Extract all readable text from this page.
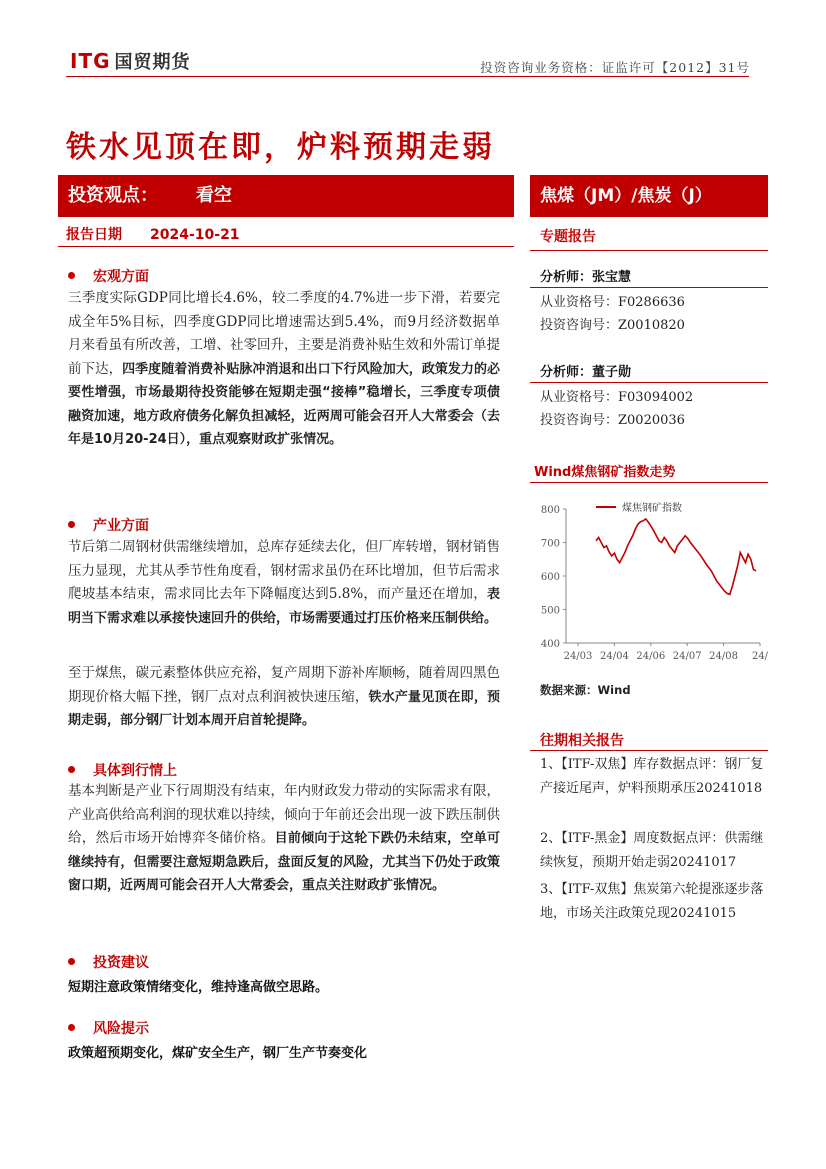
ITG 国贸期货	投资咨询业务资格：证监许可【2012】31号
铁水见顶在即，炉料预期走弱
投资观点： 看空	焦煤（JM）/焦炭（J）
报告日期 2024-10-21
宏观方面
三季度实际GDP同比增长4.6%，较二季度的4.7%进一步下滑，若要完成全年5%目标，四季度GDP同比增速需达到5.4%，而9月经济数据单月来看虽有所改善，工增、社零回升，主要是消费补贴生效和外需订单提前下达，四季度随着消费补贴脉冲消退和出口下行风险加大，政策发力的必要性增强，市场最期待投资能够在短期走强“接棒”稳增长，三季度专项债融资加速，地方政府债务化解负担减轻，近两周可能会召开人大常委会（去年是10月20-24日），重点观察财政扩张情况。
产业方面
节后第二周钢材供需继续增加，总库存延续去化，但厂库转增，钢材销售压力显现，尤其从季节性角度看，钢材需求虽仍在环比增加，但节后需求爬坡基本结束，需求同比去年下降幅度达到5.8%，而产量还在增加，表明当下需求难以承接快速回升的供给，市场需要通过打压价格来压制供给。
至于煤焦，碳元素整体供应充裕，复产周期下游补库顺畅，随着周四黑色期现价格大幅下挫，钢厂点对点利润被快速压缩，铁水产量见顶在即，预期走弱，部分钢厂计划本周开启首轮提降。
具体到行情上
基本判断是产业下行周期没有结束，年内财政发力带动的实际需求有限，产业高供给高利润的现状难以持续，倾向于年前还会出现一波下跌压制供给，然后市场开始博弈冬储价格。目前倾向于这轮下跌仍未结束，空单可继续持有，但需要注意短期急跌后，盘面反复的风险，尤其当下仍处于政策窗口期，近两周可能会召开人大常委会，重点关注财政扩张情况。
投资建议
短期注意政策情绪变化，维持逢高做空思路。
风险提示
政策超预期变化，煤矿安全生产，钢厂生产节奏变化
专题报告
分析师：张宝慧
从业资格号：F0286636
投资咨询号：Z0010820
分析师：董子勋
从业资格号：F03094002
投资咨询号：Z0020036
Wind煤焦钢矿指数走势
400
500
600
700
800
24/03 24/04 24/06 24/07 24/08 24/
煤焦钢矿指数
数据来源：Wind
往期相关报告
1、【ITF-双焦】库存数据点评：钢厂复产接近尾声，炉料预期承压20241018
2、【ITF-黑金】周度数据点评：供需继续恢复，预期开始走弱20241017
3、【ITF-双焦】焦炭第六轮提涨逐步落地，市场关注政策兑现20241015
